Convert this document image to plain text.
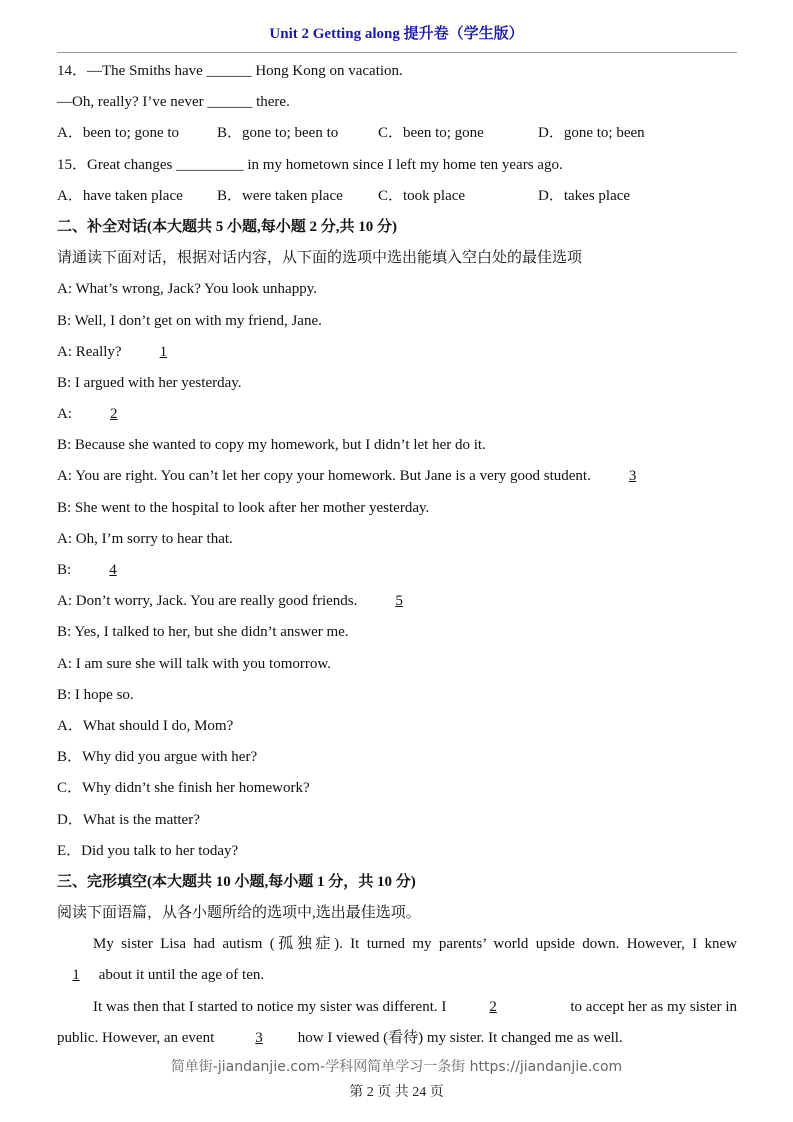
Unit 2 Getting along 提升卷（学生版）
14．—The Smiths have ______ Hong Kong on vacation.
—Oh, really? I’ve never ______ there.
A．been to; gone to	B．gone to; been to	C．been to; gone	D．gone to; been
15．Great changes _________ in my hometown since I left my home ten years ago.
A．have taken place B．were taken place C．took place	D．takes place
二、补全对话(本大题共 5 小题,每小题 2 分,共 10 分)
请通读下面对话，根据对话内容，从下面的选项中选出能填入空白处的最佳选项
A: What’s wrong, Jack? You look unhappy.
B: Well, I don’t get on with my friend, Jane.
A: Really? 1
B: I argued with her yesterday.
A: 2
B: Because she wanted to copy my homework, but I didn’t let her do it.
A: You are right. You can’t let her copy your homework. But Jane is a very good student. 3
B: She went to the hospital to look after her mother yesterday.
A: Oh, I’m sorry to hear that.
B: 4
A: Don’t worry, Jack. You are really good friends. 5
B: Yes, I talked to her, but she didn’t answer me.
A: I am sure she will talk with you tomorrow.
B: I hope so.
A．What should I do, Mom?
B．Why did you argue with her?
C．Why didn’t she finish her homework?
D．What is the matter?
E．Did you talk to her today?
三、完形填空(本大题共 10 小题,每小题 1 分，共 10 分)
阅读下面语篇，从各小题所给的选项中,选出最佳选项。
My sister Lisa had autism (孤独症). It turned my parents’ world upside down. However, I knew
1 about it until the age of ten.
It was then that I started to notice my sister was different. I	2	to accept her as my sister in
public. However, an event 3 how I viewed (看待) my sister. It changed me as well.
简单街-jiandanjie.com-学科网简单学习一条街 https://jiandanjie.com
第 2 页 共 24 页
